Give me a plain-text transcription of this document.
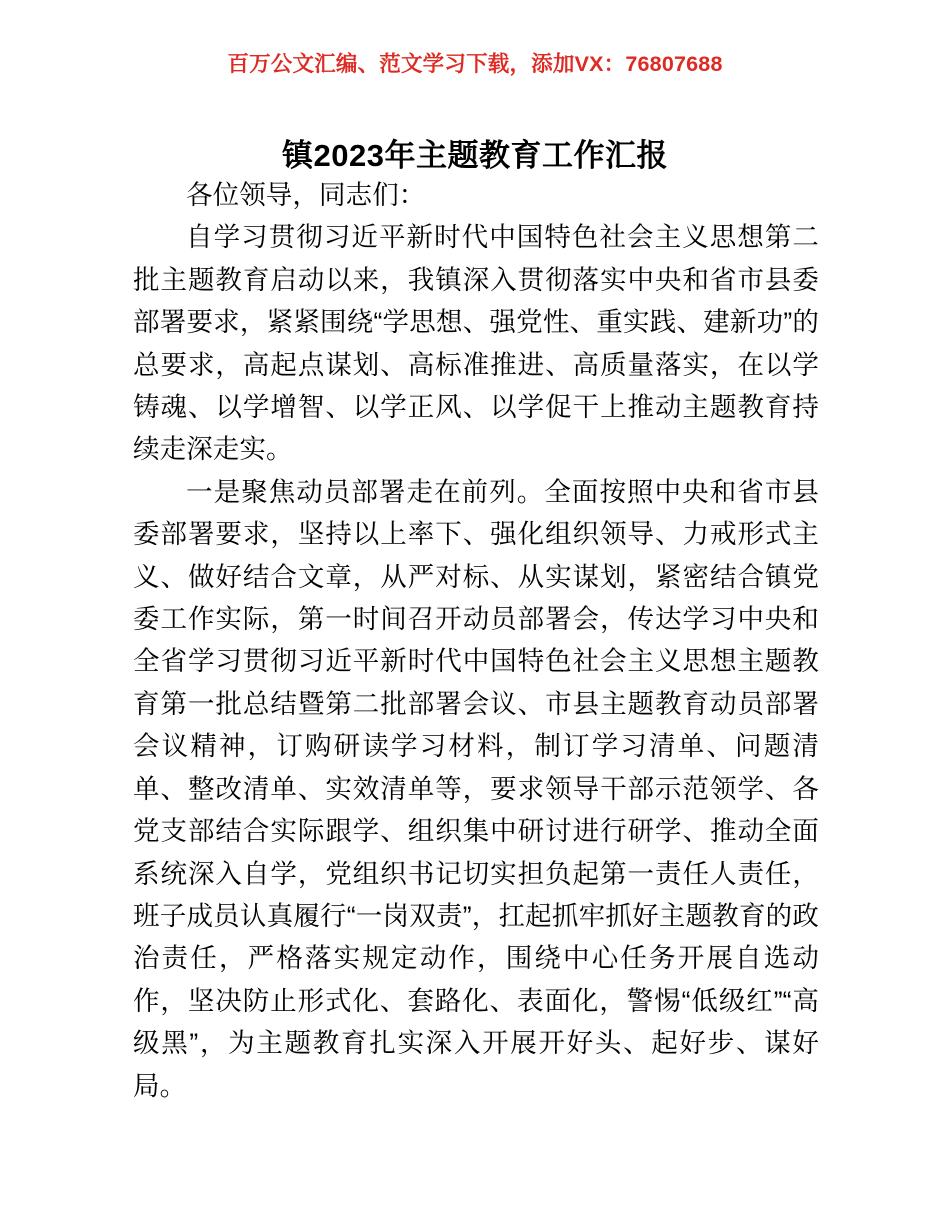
百万公文汇编、范文学习下载，添加VX：76807688
镇2023年主题教育工作汇报

各位领导，同志们：

自学习贯彻习近平新时代中国特色社会主义思想第二批主题教育启动以来，我镇深入贯彻落实中央和省市县委部署要求，紧紧围绕“学思想、强党性、重实践、建新功”的总要求，高起点谋划、高标准推进、高质量落实，在以学铸魂、以学增智、以学正风、以学促干上推动主题教育持续走深走实。

一是聚焦动员部署走在前列。全面按照中央和省市县委部署要求，坚持以上率下、强化组织领导、力戒形式主义、做好结合文章，从严对标、从实谋划，紧密结合镇党委工作实际，第一时间召开动员部署会，传达学习中央和全省学习贯彻习近平新时代中国特色社会主义思想主题教育第一批总结暨第二批部署会议、市县主题教育动员部署会议精神，订购研读学习材料，制订学习清单、问题清单、整改清单、实效清单等，要求领导干部示范领学、各党支部结合实际跟学、组织集中研讨进行研学、推动全面系统深入自学，党组织书记切实担负起第一责任人责任，班子成员认真履行“一岗双责”，扛起抓牢抓好主题教育的政治责任，严格落实规定动作，围绕中心任务开展自选动作，坚决防止形式化、套路化、表面化，警惕“低级红”“高级黑”，为主题教育扎实深入开展开好头、起好步、谋好局。
